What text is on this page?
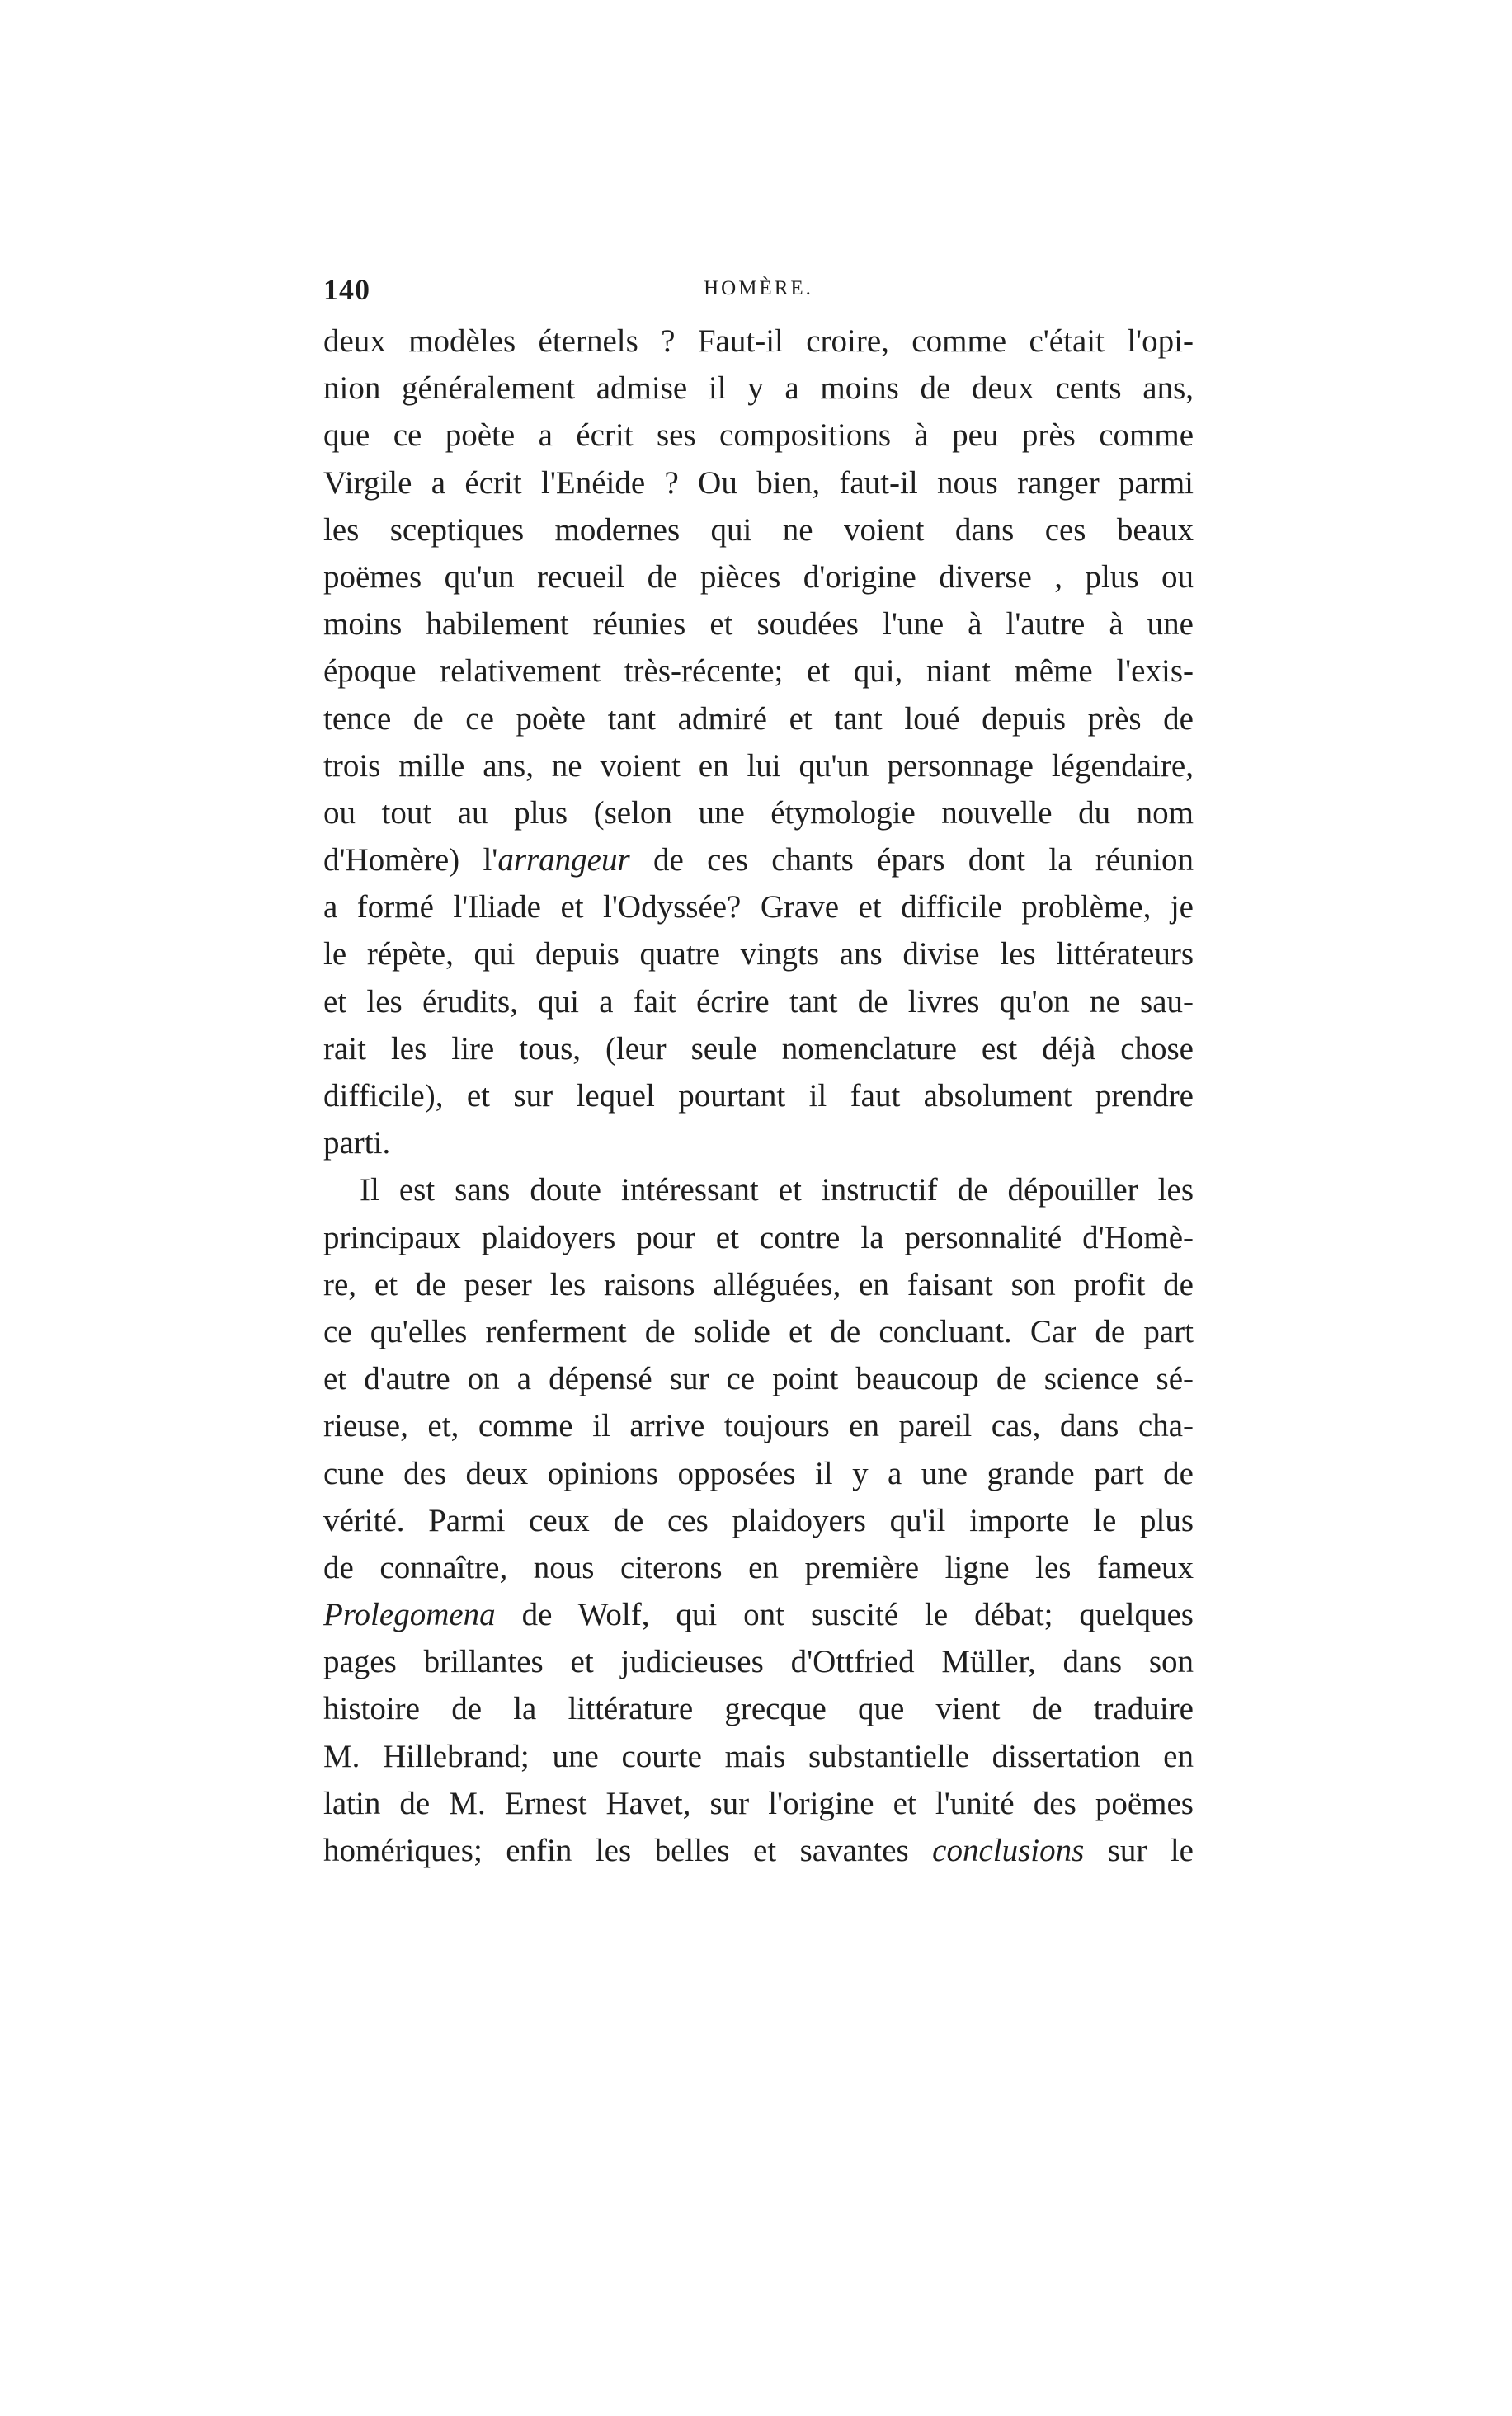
140	HOMÈRE.
deux modèles éternels ? Faut-il croire, comme c'était l'opi-
nion généralement admise il y a moins de deux cents ans,
que ce poète a écrit ses compositions à peu près comme
Virgile a écrit l'Enéide ? Ou bien, faut-il nous ranger parmi
les sceptiques modernes qui ne voient dans ces beaux
poëmes qu'un recueil de pièces d'origine diverse , plus ou
moins habilement réunies et soudées l'une à l'autre à une
époque relativement très-récente; et qui, niant même l'exis-
tence de ce poète tant admiré et tant loué depuis près de
trois mille ans, ne voient en lui qu'un personnage légendaire,
ou tout au plus (selon une étymologie nouvelle du nom
d'Homère) l'arrangeur de ces chants épars dont la réunion
a formé l'Iliade et l'Odyssée? Grave et difficile problème, je
le répète, qui depuis quatre vingts ans divise les littérateurs
et les érudits, qui a fait écrire tant de livres qu'on ne sau-
rait les lire tous, (leur seule nomenclature est déjà chose
difficile), et sur lequel pourtant il faut absolument prendre
parti.
Il est sans doute intéressant et instructif de dépouiller les
principaux plaidoyers pour et contre la personnalité d'Homè-
re, et de peser les raisons alléguées, en faisant son profit de
ce qu'elles renferment de solide et de concluant. Car de part
et d'autre on a dépensé sur ce point beaucoup de science sé-
rieuse, et, comme il arrive toujours en pareil cas, dans cha-
cune des deux opinions opposées il y a une grande part de
vérité. Parmi ceux de ces plaidoyers qu'il importe le plus
de connaître, nous citerons en première ligne les fameux
Prolegomena de Wolf, qui ont suscité le débat; quelques
pages brillantes et judicieuses d'Ottfried Müller, dans son
histoire de la littérature grecque que vient de traduire
M. Hillebrand; une courte mais substantielle dissertation en
latin de M. Ernest Havet, sur l'origine et l'unité des poëmes
homériques; enfin les belles et savantes conclusions sur le
